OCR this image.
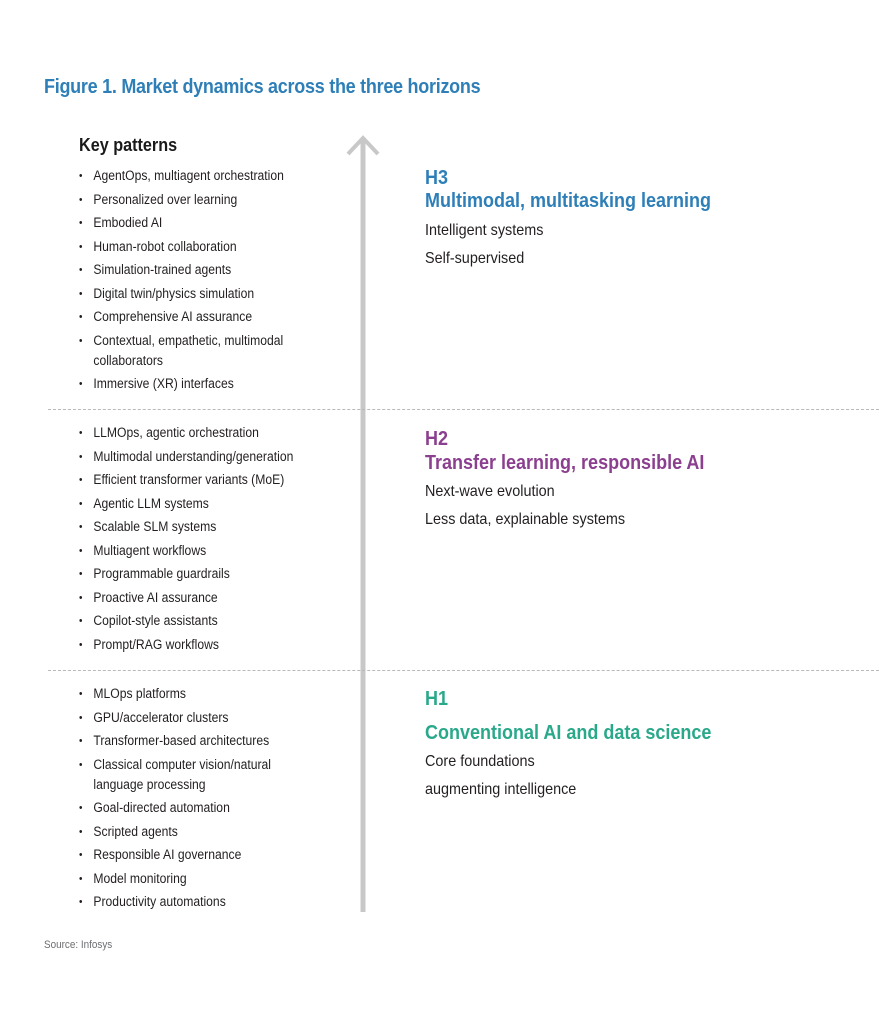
Figure 1. Market dynamics across the three horizons
Key patterns
• AgentOps, multiagent orchestration
• Personalized over learning
• Embodied AI
• Human-robot collaboration
• Simulation-trained agents
• Digital twin/physics simulation
• Comprehensive AI assurance
• Contextual, empathetic, multimodal
collaborators
• Immersive (XR) interfaces
• LLMOps, agentic orchestration
• Multimodal understanding/generation
• Efficient transformer variants (MoE)
• Agentic LLM systems
• Scalable SLM systems
• Multiagent workflows
• Programmable guardrails
• Proactive AI assurance
• Copilot-style assistants
• Prompt/RAG workflows
• MLOps platforms
• GPU/accelerator clusters
• Transformer-based architectures
• Classical computer vision/natural
language processing
• Goal-directed automation
• Scripted agents
• Responsible AI governance
• Model monitoring
• Productivity automations
H3
Multimodal, multitasking learning
Intelligent systems
Self-supervised
H2
Transfer learning, responsible AI
Next-wave evolution
Less data, explainable systems
H1
Conventional AI and data science
Core foundations
augmenting intelligence
Source: Infosys
